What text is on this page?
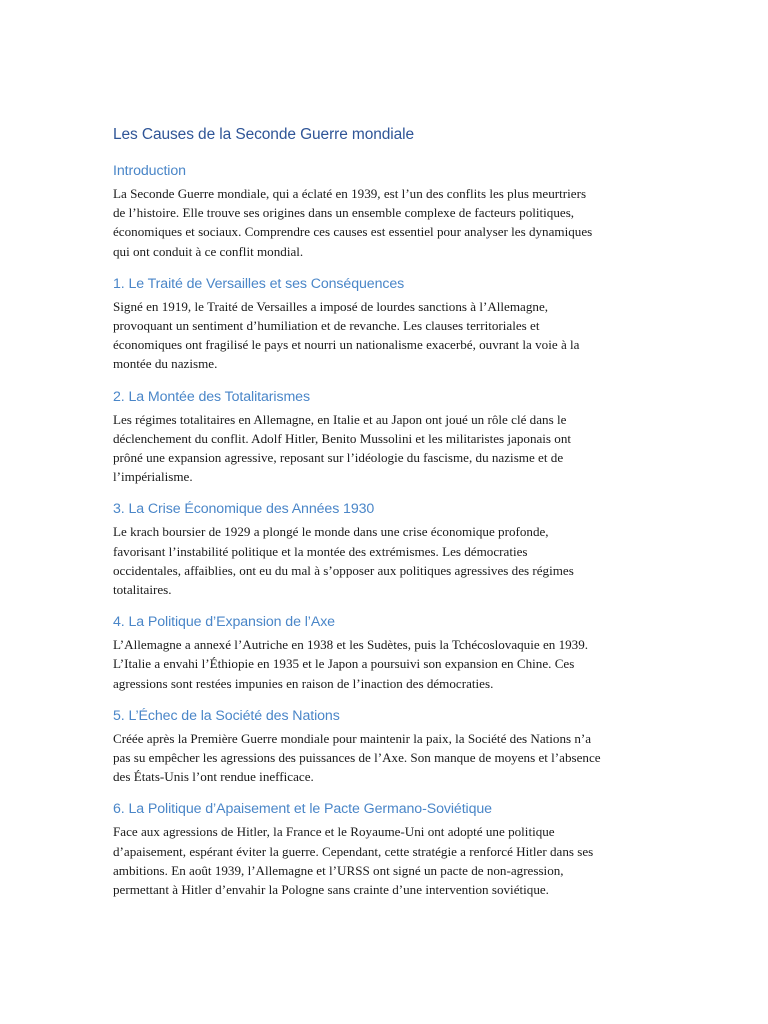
Les Causes de la Seconde Guerre mondiale
Introduction

La Seconde Guerre mondiale, qui a éclaté en 1939, est l’un des conflits les plus meurtriers
de l’histoire. Elle trouve ses origines dans un ensemble complexe de facteurs politiques,
économiques et sociaux. Comprendre ces causes est essentiel pour analyser les dynamiques
qui ont conduit à ce conflit mondial.

1. Le Traité de Versailles et ses Conséquences

Signé en 1919, le Traité de Versailles a imposé de lourdes sanctions à l’Allemagne,
provoquant un sentiment d’humiliation et de revanche. Les clauses territoriales et
économiques ont fragilisé le pays et nourri un nationalisme exacerbé, ouvrant la voie à la
montée du nazisme.

2. La Montée des Totalitarismes

Les régimes totalitaires en Allemagne, en Italie et au Japon ont joué un rôle clé dans le
déclenchement du conflit. Adolf Hitler, Benito Mussolini et les militaristes japonais ont
prôné une expansion agressive, reposant sur l’idéologie du fascisme, du nazisme et de
l’impérialisme.

3. La Crise Économique des Années 1930

Le krach boursier de 1929 a plongé le monde dans une crise économique profonde,
favorisant l’instabilité politique et la montée des extrémismes. Les démocraties
occidentales, affaiblies, ont eu du mal à s’opposer aux politiques agressives des régimes
totalitaires.

4. La Politique d’Expansion de l’Axe

L’Allemagne a annexé l’Autriche en 1938 et les Sudètes, puis la Tchécoslovaquie en 1939.
L’Italie a envahi l’Éthiopie en 1935 et le Japon a poursuivi son expansion en Chine. Ces
agressions sont restées impunies en raison de l’inaction des démocraties.

5. L’Échec de la Société des Nations

Créée après la Première Guerre mondiale pour maintenir la paix, la Société des Nations n’a
pas su empêcher les agressions des puissances de l’Axe. Son manque de moyens et l’absence
des États-Unis l’ont rendue inefficace.

6. La Politique d’Apaisement et le Pacte Germano-Soviétique

Face aux agressions de Hitler, la France et le Royaume-Uni ont adopté une politique
d’apaisement, espérant éviter la guerre. Cependant, cette stratégie a renforcé Hitler dans ses
ambitions. En août 1939, l’Allemagne et l’URSS ont signé un pacte de non-agression,
permettant à Hitler d’envahir la Pologne sans crainte d’une intervention soviétique.
